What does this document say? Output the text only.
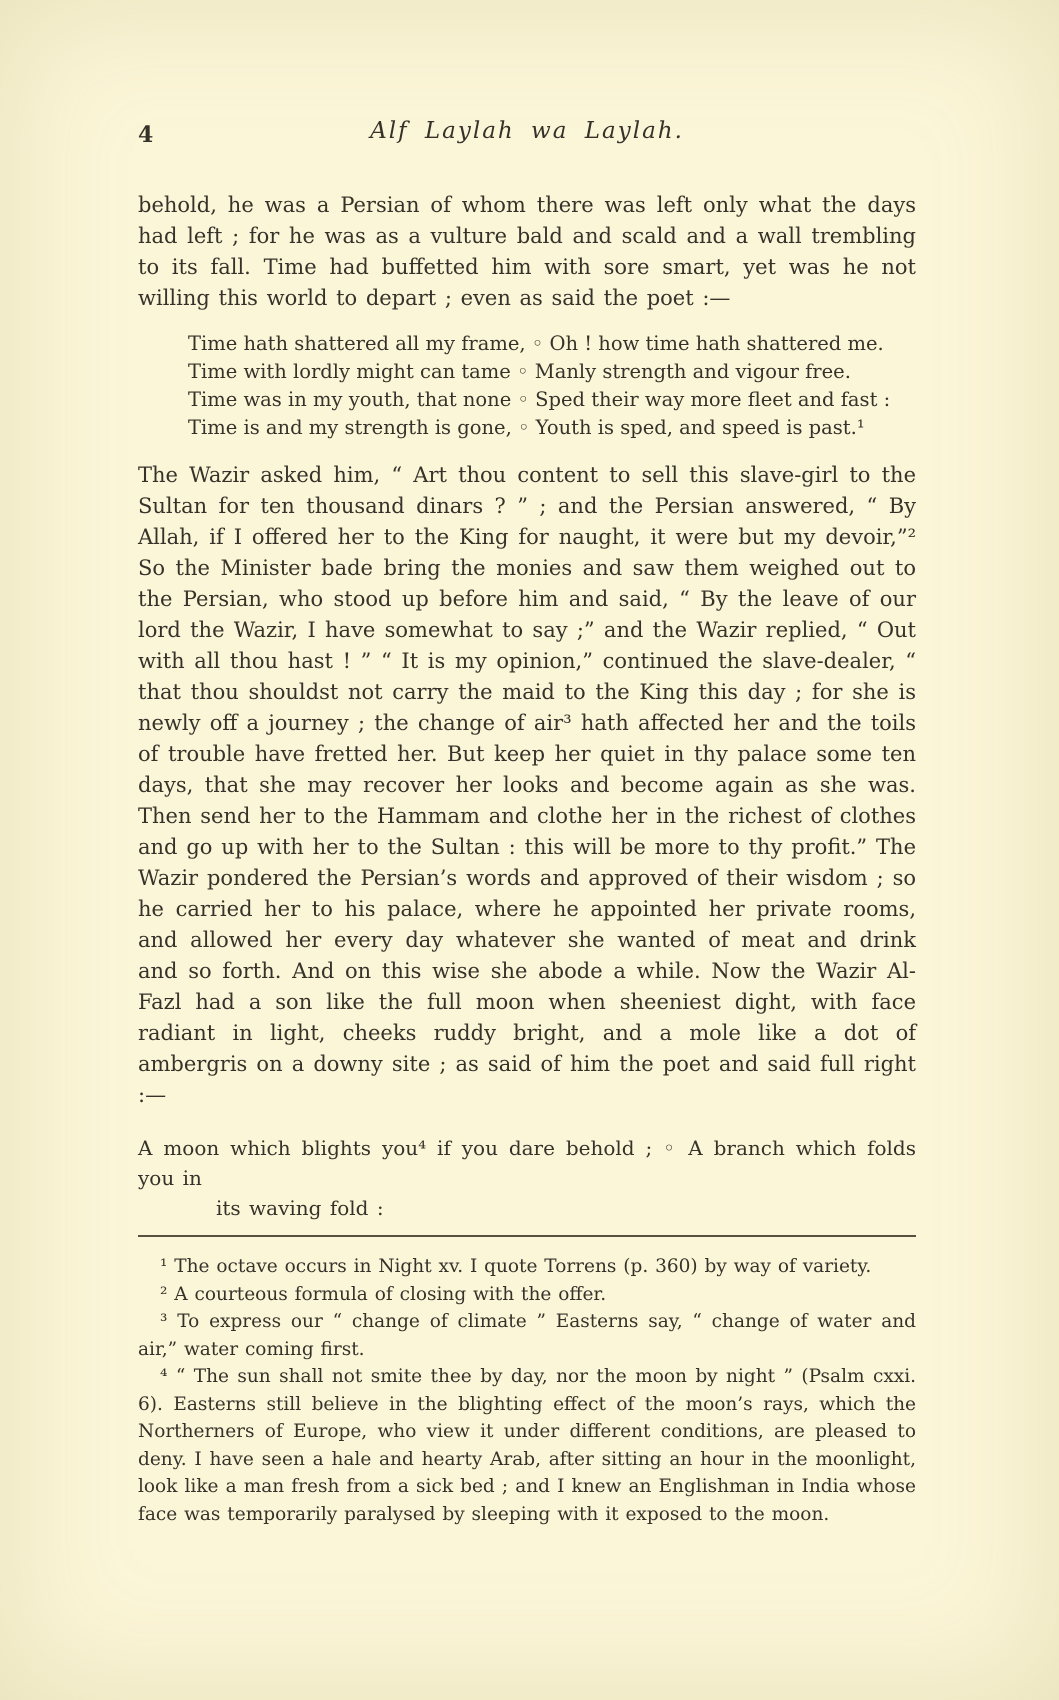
4	Alf Laylah wa Laylah.

behold, he was a Persian of whom there was left only what the days had left ; for he was as a vulture bald and scald and a wall trembling to its fall. Time had buffetted him with sore smart, yet was he not willing this world to depart ; even as said the poet :—

Time hath shattered all my frame, ◦ Oh ! how time hath shattered me.
Time with lordly might can tame ◦ Manly strength and vigour free.
Time was in my youth, that none ◦ Sped their way more fleet and fast :
Time is and my strength is gone, ◦ Youth is sped, and speed is past.¹

The Wazir asked him, “ Art thou content to sell this slave-girl to the Sultan for ten thousand dinars ? ” ; and the Persian answered, “ By Allah, if I offered her to the King for naught, it were but my devoir,”² So the Minister bade bring the monies and saw them weighed out to the Persian, who stood up before him and said, “ By the leave of our lord the Wazir, I have somewhat to say ;” and the Wazir replied, “ Out with all thou hast ! ” “ It is my opinion,” continued the slave-dealer, “ that thou shouldst not carry the maid to the King this day ; for she is newly off a journey ; the change of air³ hath affected her and the toils of trouble have fretted her. But keep her quiet in thy palace some ten days, that she may recover her looks and become again as she was. Then send her to the Hammam and clothe her in the richest of clothes and go up with her to the Sultan : this will be more to thy profit.” The Wazir pondered the Persian’s words and approved of their wisdom ; so he carried her to his palace, where he appointed her private rooms, and allowed her every day whatever she wanted of meat and drink and so forth. And on this wise she abode a while. Now the Wazir Al-Fazl had a son like the full moon when sheeniest dight, with face radiant in light, cheeks ruddy bright, and a mole like a dot of ambergris on a downy site ; as said of him the poet and said full right :—

A moon which blights you⁴ if you dare behold ; ◦ A branch which folds you in
its waving fold :

¹ The octave occurs in Night xv. I quote Torrens (p. 360) by way of variety.

² A courteous formula of closing with the offer.

³ To express our “ change of climate ” Easterns say, “ change of water and air,” water coming first.

⁴ “ The sun shall not smite thee by day, nor the moon by night ” (Psalm cxxi. 6). Easterns still believe in the blighting effect of the moon’s rays, which the Northerners of Europe, who view it under different conditions, are pleased to deny. I have seen a hale and hearty Arab, after sitting an hour in the moonlight, look like a man fresh from a sick bed ; and I knew an Englishman in India whose face was temporarily paralysed by sleeping with it exposed to the moon.
